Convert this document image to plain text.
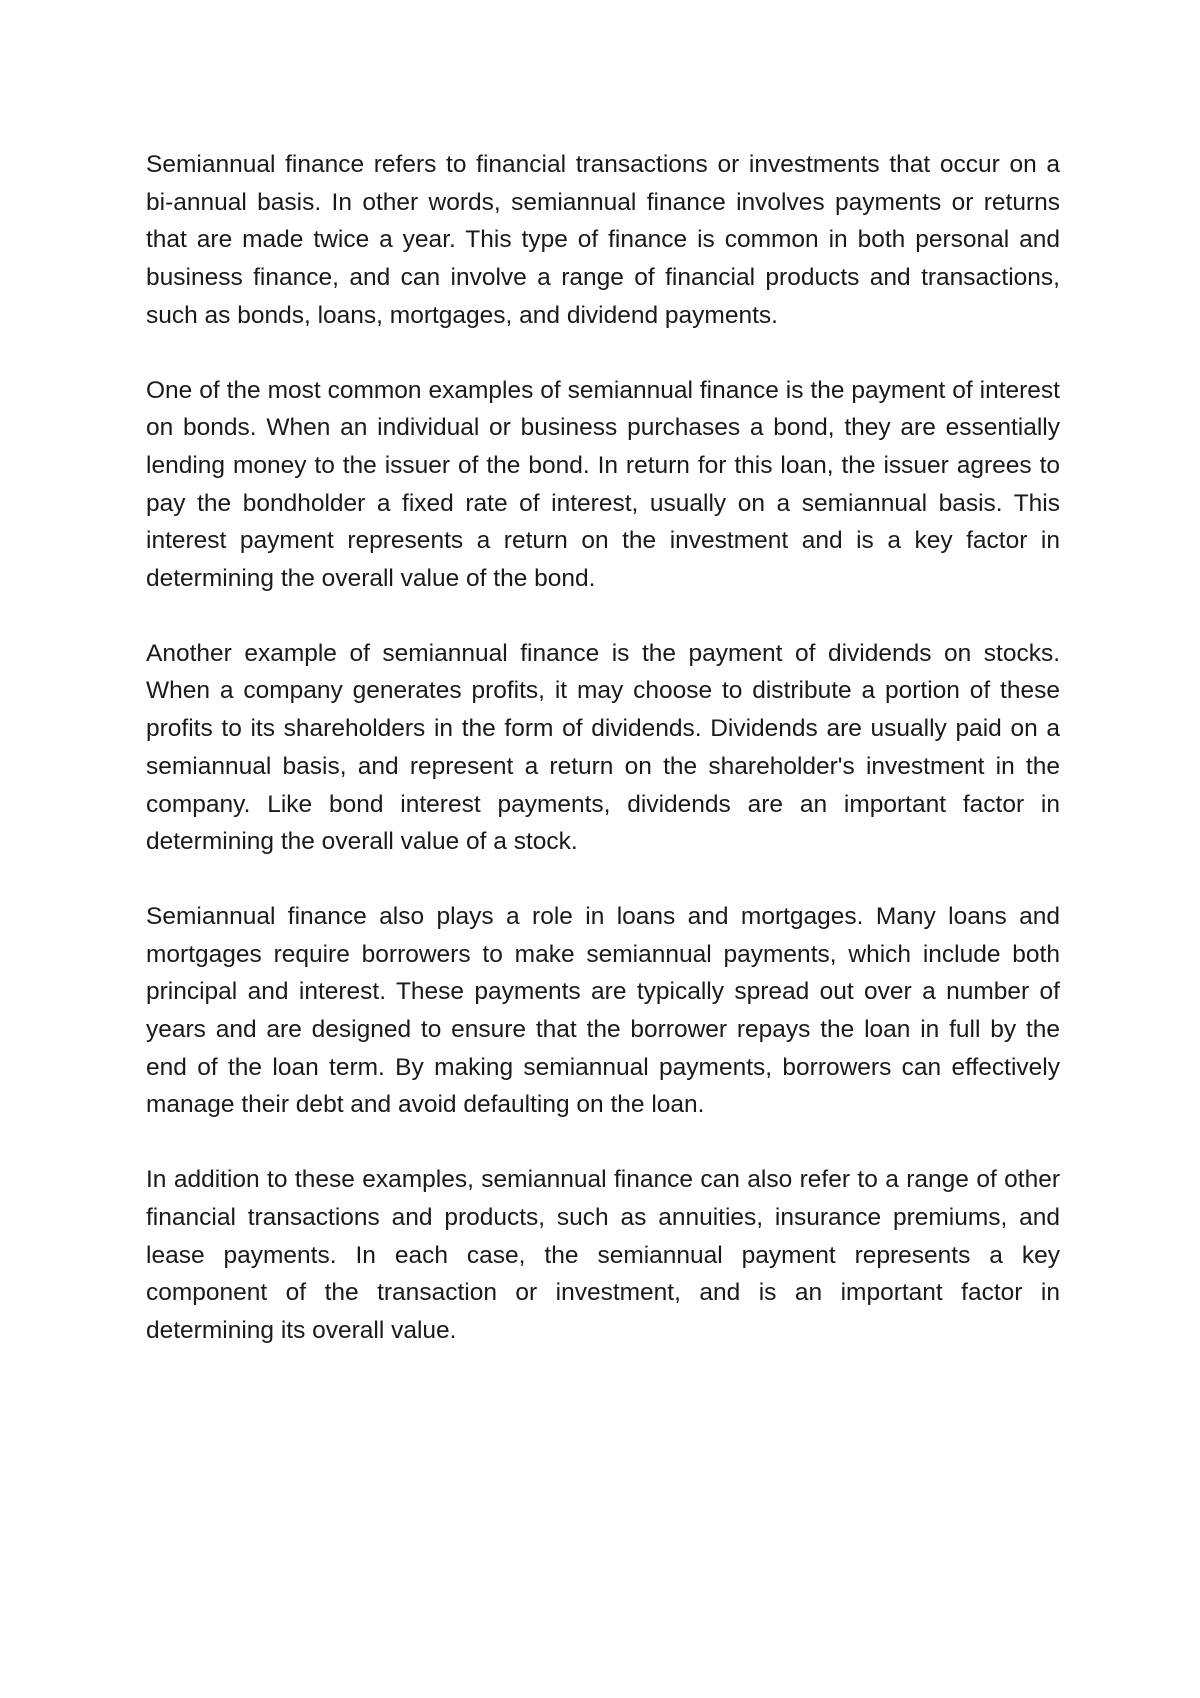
Semiannual finance refers to financial transactions or investments that occur on a bi-annual basis. In other words, semiannual finance involves payments or returns that are made twice a year. This type of finance is common in both personal and business finance, and can involve a range of financial products and transactions, such as bonds, loans, mortgages, and dividend payments.

One of the most common examples of semiannual finance is the payment of interest on bonds. When an individual or business purchases a bond, they are essentially lending money to the issuer of the bond. In return for this loan, the issuer agrees to pay the bondholder a fixed rate of interest, usually on a semiannual basis. This interest payment represents a return on the investment and is a key factor in determining the overall value of the bond.

Another example of semiannual finance is the payment of dividends on stocks. When a company generates profits, it may choose to distribute a portion of these profits to its shareholders in the form of dividends. Dividends are usually paid on a semiannual basis, and represent a return on the shareholder's investment in the company. Like bond interest payments, dividends are an important factor in determining the overall value of a stock.

Semiannual finance also plays a role in loans and mortgages. Many loans and mortgages require borrowers to make semiannual payments, which include both principal and interest. These payments are typically spread out over a number of years and are designed to ensure that the borrower repays the loan in full by the end of the loan term. By making semiannual payments, borrowers can effectively manage their debt and avoid defaulting on the loan.

In addition to these examples, semiannual finance can also refer to a range of other financial transactions and products, such as annuities, insurance premiums, and lease payments. In each case, the semiannual payment represents a key component of the transaction or investment, and is an important factor in determining its overall value.
